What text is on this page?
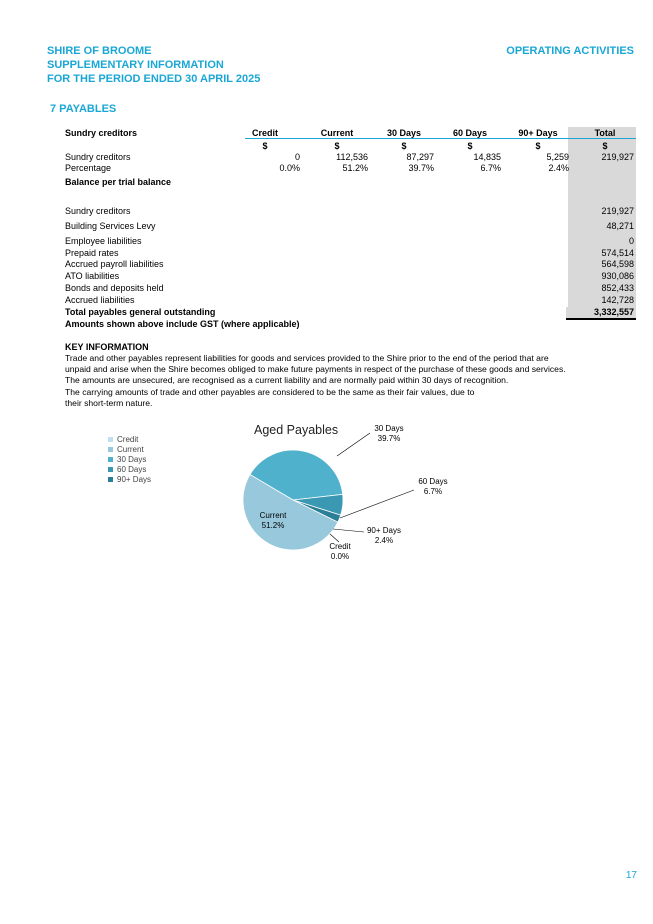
SHIRE OF BROOME
SUPPLEMENTARY INFORMATION
FOR THE PERIOD ENDED 30 APRIL 2025
OPERATING ACTIVITIES
7 PAYABLES
Sundry creditors	Credit	Current	30 Days	60 Days	90+ Days	Total
$	$	$	$	$	$
Sundry creditors	0	112,536	87,297	14,835	5,259	219,927
Percentage	0.0%	51.2%	39.7%	6.7%	2.4%
Balance per trial balance
Sundry creditors	219,927
Building Services Levy	48,271
Employee liabilities	0
Prepaid rates	574,514
Accrued payroll liabilities	564,598
ATO liabilities	930,086
Bonds and deposits held	852,433
Accrued liabilities	142,728
Total payables general outstanding	3,332,557
Amounts shown above include GST (where applicable)
KEY INFORMATION
Trade and other payables represent liabilities for goods and services provided to the Shire prior to the end of the period that are
unpaid and arise when the Shire becomes obliged to make future payments in respect of the purchase of these goods and services.
The amounts are unsecured, are recognised as a current liability and are normally paid within 30 days of recognition.
The carrying amounts of trade and other payables are considered to be the same as their fair values, due to
their short-term nature.
Aged Payables
Credit
Current
30 Days
60 Days
90+ Days
30 Days
39.7%
60 Days
6.7%
90+ Days
2.4%
Credit
0.0%
Current
51.2%
17
